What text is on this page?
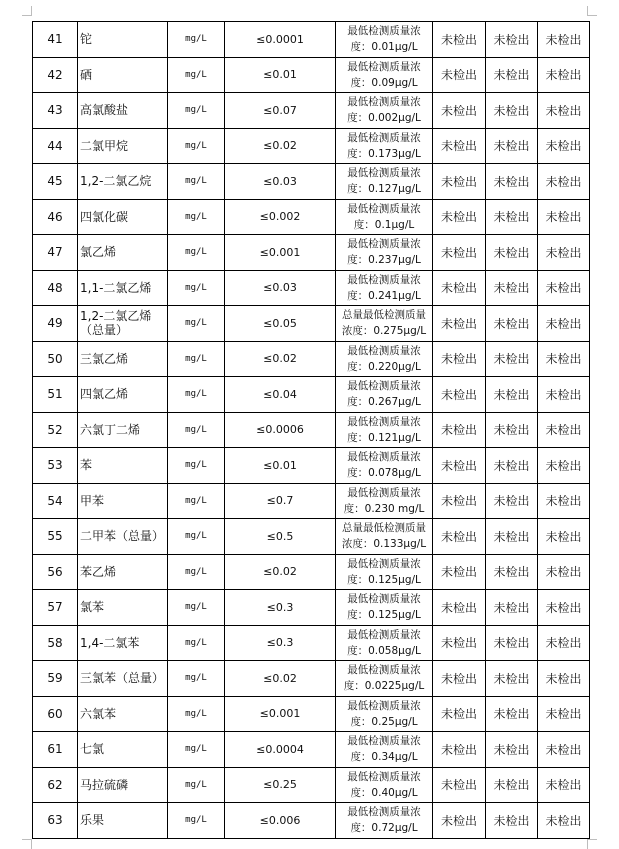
41	铊	mg/L	≤0.0001	最低检测质量浓
度：0.01μg/L	未检出	未检出	未检出
42	硒	mg/L	≤0.01	最低检测质量浓
度：0.09μg/L	未检出	未检出	未检出
43	高氯酸盐	mg/L	≤0.07	最低检测质量浓
度：0.002μg/L	未检出	未检出	未检出
44	二氯甲烷	mg/L	≤0.02	最低检测质量浓
度：0.173μg/L	未检出	未检出	未检出
45	1,2-二氯乙烷	mg/L	≤0.03	最低检测质量浓
度：0.127μg/L	未检出	未检出	未检出
46	四氯化碳	mg/L	≤0.002	最低检测质量浓
度：0.1μg/L	未检出	未检出	未检出
47	氯乙烯	mg/L	≤0.001	最低检测质量浓
度：0.237μg/L	未检出	未检出	未检出
48	1,1-二氯乙烯	mg/L	≤0.03	最低检测质量浓
度：0.241μg/L	未检出	未检出	未检出
49	1,2-二氯乙烯（总量）	mg/L	≤0.05	总量最低检测质量
浓度：0.275μg/L	未检出	未检出	未检出
50	三氯乙烯	mg/L	≤0.02	最低检测质量浓
度：0.220μg/L	未检出	未检出	未检出
51	四氯乙烯	mg/L	≤0.04	最低检测质量浓
度：0.267μg/L	未检出	未检出	未检出
52	六氯丁二烯	mg/L	≤0.0006	最低检测质量浓
度：0.121μg/L	未检出	未检出	未检出
53	苯	mg/L	≤0.01	最低检测质量浓
度：0.078μg/L	未检出	未检出	未检出
54	甲苯	mg/L	≤0.7	最低检测质量浓
度：0.230 mg/L	未检出	未检出	未检出
55	二甲苯（总量）	mg/L	≤0.5	总量最低检测质量
浓度：0.133μg/L	未检出	未检出	未检出
56	苯乙烯	mg/L	≤0.02	最低检测质量浓
度：0.125μg/L	未检出	未检出	未检出
57	氯苯	mg/L	≤0.3	最低检测质量浓
度：0.125μg/L	未检出	未检出	未检出
58	1,4-二氯苯	mg/L	≤0.3	最低检测质量浓
度：0.058μg/L	未检出	未检出	未检出
59	三氯苯（总量）	mg/L	≤0.02	最低检测质量浓
度：0.0225μg/L	未检出	未检出	未检出
60	六氯苯	mg/L	≤0.001	最低检测质量浓
度：0.25μg/L	未检出	未检出	未检出
61	七氯	mg/L	≤0.0004	最低检测质量浓
度：0.34μg/L	未检出	未检出	未检出
62	马拉硫磷	mg/L	≤0.25	最低检测质量浓
度：0.40μg/L	未检出	未检出	未检出
63	乐果	mg/L	≤0.006	最低检测质量浓
度：0.72μg/L	未检出	未检出	未检出
